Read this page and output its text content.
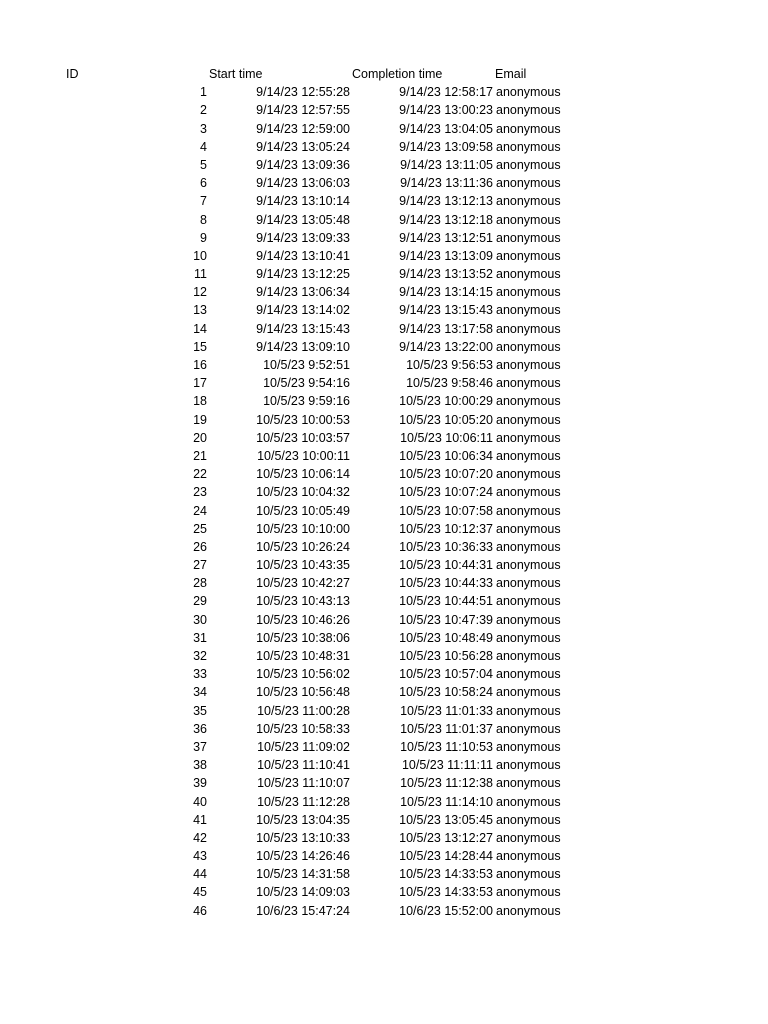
ID	Start time	Completion time	Email
1	9/14/23 12:55:28	9/14/23 12:58:17 anonymous
2	9/14/23 12:57:55	9/14/23 13:00:23 anonymous
3	9/14/23 12:59:00	9/14/23 13:04:05 anonymous
4	9/14/23 13:05:24	9/14/23 13:09:58 anonymous
5	9/14/23 13:09:36	9/14/23 13:11:05 anonymous
6	9/14/23 13:06:03	9/14/23 13:11:36 anonymous
7	9/14/23 13:10:14	9/14/23 13:12:13 anonymous
8	9/14/23 13:05:48	9/14/23 13:12:18 anonymous
9	9/14/23 13:09:33	9/14/23 13:12:51 anonymous
10	9/14/23 13:10:41	9/14/23 13:13:09 anonymous
11	9/14/23 13:12:25	9/14/23 13:13:52 anonymous
12	9/14/23 13:06:34	9/14/23 13:14:15 anonymous
13	9/14/23 13:14:02	9/14/23 13:15:43 anonymous
14	9/14/23 13:15:43	9/14/23 13:17:58 anonymous
15	9/14/23 13:09:10	9/14/23 13:22:00 anonymous
16	10/5/23 9:52:51	10/5/23 9:56:53 anonymous
17	10/5/23 9:54:16	10/5/23 9:58:46 anonymous
18	10/5/23 9:59:16	10/5/23 10:00:29 anonymous
19	10/5/23 10:00:53	10/5/23 10:05:20 anonymous
20	10/5/23 10:03:57	10/5/23 10:06:11 anonymous
21	10/5/23 10:00:11	10/5/23 10:06:34 anonymous
22	10/5/23 10:06:14	10/5/23 10:07:20 anonymous
23	10/5/23 10:04:32	10/5/23 10:07:24 anonymous
24	10/5/23 10:05:49	10/5/23 10:07:58 anonymous
25	10/5/23 10:10:00	10/5/23 10:12:37 anonymous
26	10/5/23 10:26:24	10/5/23 10:36:33 anonymous
27	10/5/23 10:43:35	10/5/23 10:44:31 anonymous
28	10/5/23 10:42:27	10/5/23 10:44:33 anonymous
29	10/5/23 10:43:13	10/5/23 10:44:51 anonymous
30	10/5/23 10:46:26	10/5/23 10:47:39 anonymous
31	10/5/23 10:38:06	10/5/23 10:48:49 anonymous
32	10/5/23 10:48:31	10/5/23 10:56:28 anonymous
33	10/5/23 10:56:02	10/5/23 10:57:04 anonymous
34	10/5/23 10:56:48	10/5/23 10:58:24 anonymous
35	10/5/23 11:00:28	10/5/23 11:01:33 anonymous
36	10/5/23 10:58:33	10/5/23 11:01:37 anonymous
37	10/5/23 11:09:02	10/5/23 11:10:53 anonymous
38	10/5/23 11:10:41	10/5/23 11:11:11 anonymous
39	10/5/23 11:10:07	10/5/23 11:12:38 anonymous
40	10/5/23 11:12:28	10/5/23 11:14:10 anonymous
41	10/5/23 13:04:35	10/5/23 13:05:45 anonymous
42	10/5/23 13:10:33	10/5/23 13:12:27 anonymous
43	10/5/23 14:26:46	10/5/23 14:28:44 anonymous
44	10/5/23 14:31:58	10/5/23 14:33:53 anonymous
45	10/5/23 14:09:03	10/5/23 14:33:53 anonymous
46	10/6/23 15:47:24	10/6/23 15:52:00 anonymous
